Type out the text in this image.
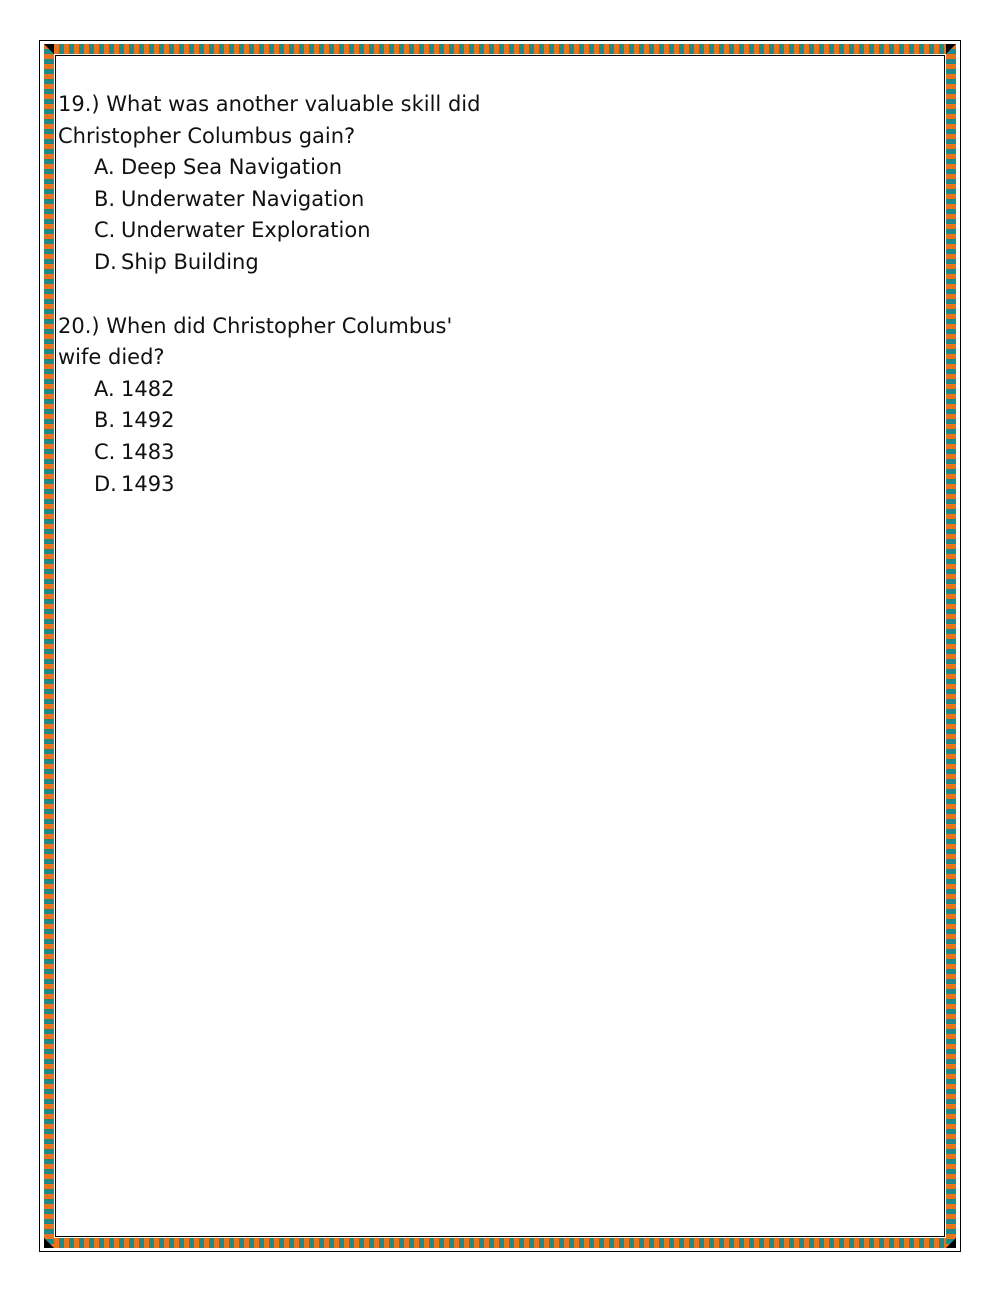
19.) What was another valuable skill did
Christopher Columbus gain?

A. Deep Sea Navigation
B. Underwater Navigation
C. Underwater Exploration
D. Ship Building

20.) When did Christopher Columbus'
wife died?

A. 1482
B. 1492
C. 1483
D. 1493
